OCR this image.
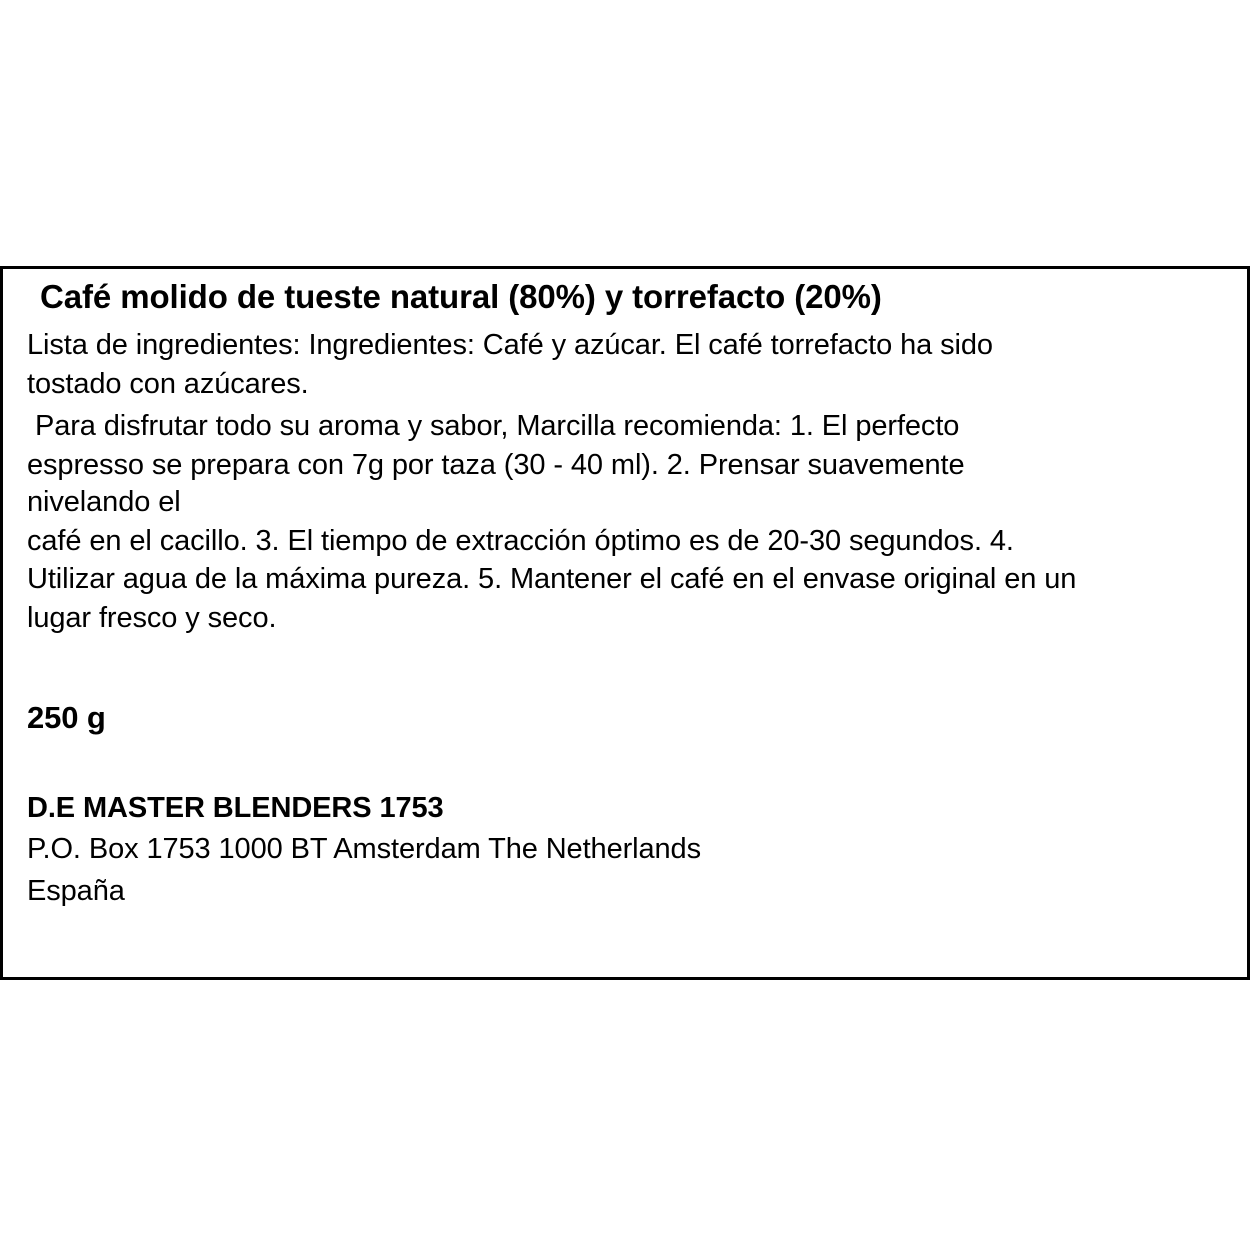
Café molido de tueste natural (80%) y torrefacto (20%)

Lista de ingredientes: Ingredientes: Café y azúcar. El café torrefacto ha sido

tostado con azúcares.

Para disfrutar todo su aroma y sabor, Marcilla recomienda: 1. El perfecto

espresso se prepara con 7g por taza (30 - 40 ml). 2. Prensar suavemente

nivelando el

café en el cacillo. 3. El tiempo de extracción óptimo es de 20-30 segundos. 4.

Utilizar agua de la máxima pureza. 5. Mantener el café en el envase original en un

lugar fresco y seco.

250 g

D.E MASTER BLENDERS 1753

P.O. Box 1753 1000 BT Amsterdam The Netherlands

España
